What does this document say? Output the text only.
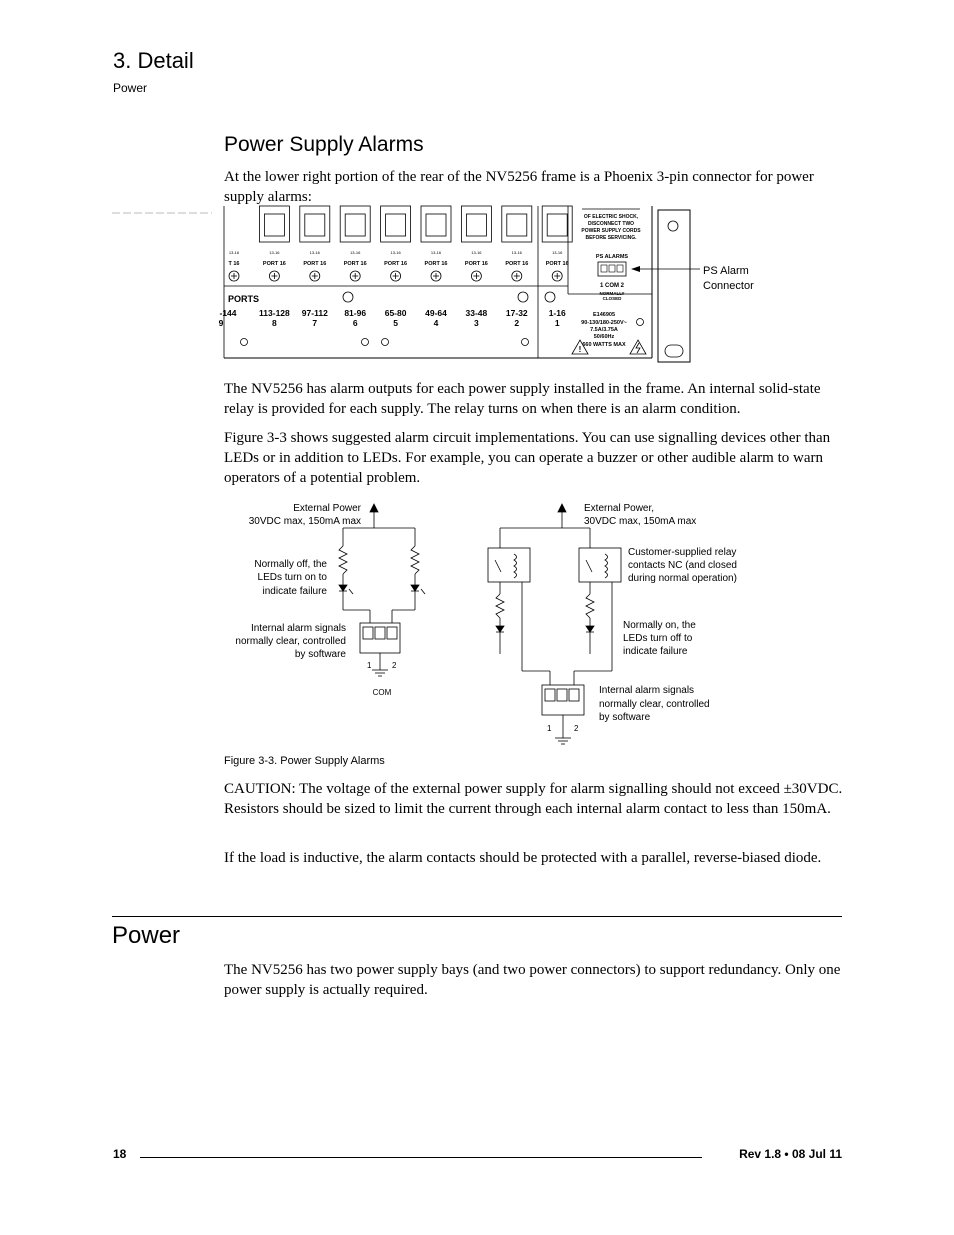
3. Detail
Power
Power Supply Alarms
At the lower right portion of the rear of the NV5256 frame is a Phoenix 3-pin connector for power supply alarms:
13-16
T 16
13-16
PORT 16
13-16
PORT 16
13-16
PORT 16
13-16
PORT 16
13-16
PORT 16
13-16
PORT 16
13-16
PORT 16
13-16
PORT 16
PORTS
-144
9
113-128
8
97-112
7
81-96
6
65-80
5
49-64
4
33-48
3
17-32
2
1-16
1
OF ELECTRIC SHOCK,
DISCONNECT TWO
POWER SUPPLY CORDS
BEFORE SERVICING.
PS ALARMS
1 COM 2
NORMALLY
CLOSED
PS Alarm
Connector
E146905
90-130/180-250V~
7.5A/3.75A
50/60Hz
660 WATTS MAX
!
The NV5256 has alarm outputs for each power supply installed in the frame. An internal solid-state relay is provided for each supply. The relay turns on when there is an alarm condition.
Figure 3-3 shows suggested alarm circuit implementations. You can use signalling devices other than LEDs or in addition to LEDs. For example, you can operate a buzzer or other audible alarm to warn operators of a potential problem.
External Power
30VDC max, 150mA max
Normally off, the
LEDs turn on to
indicate failure
Internal alarm signals
normally clear, controlled
by software
1	2
COM
External Power,
30VDC max, 150mA max
Customer-supplied relay
contacts NC (and closed
during normal operation)
Normally on, the
LEDs turn off to
indicate failure
Internal alarm signals
normally clear, controlled
by software
1	2
Figure 3-3. Power Supply Alarms
CAUTION: The voltage of the external power supply for alarm signalling should not exceed ±30VDC. Resistors should be sized to limit the current through each internal alarm contact to less than 150mA.
If the load is inductive, the alarm contacts should be protected with a parallel, reverse-biased diode.
Power
The NV5256 has two power supply bays (and two power connectors) to support redundancy. Only one power supply is actually required.
18	Rev 1.8 • 08 Jul 11
